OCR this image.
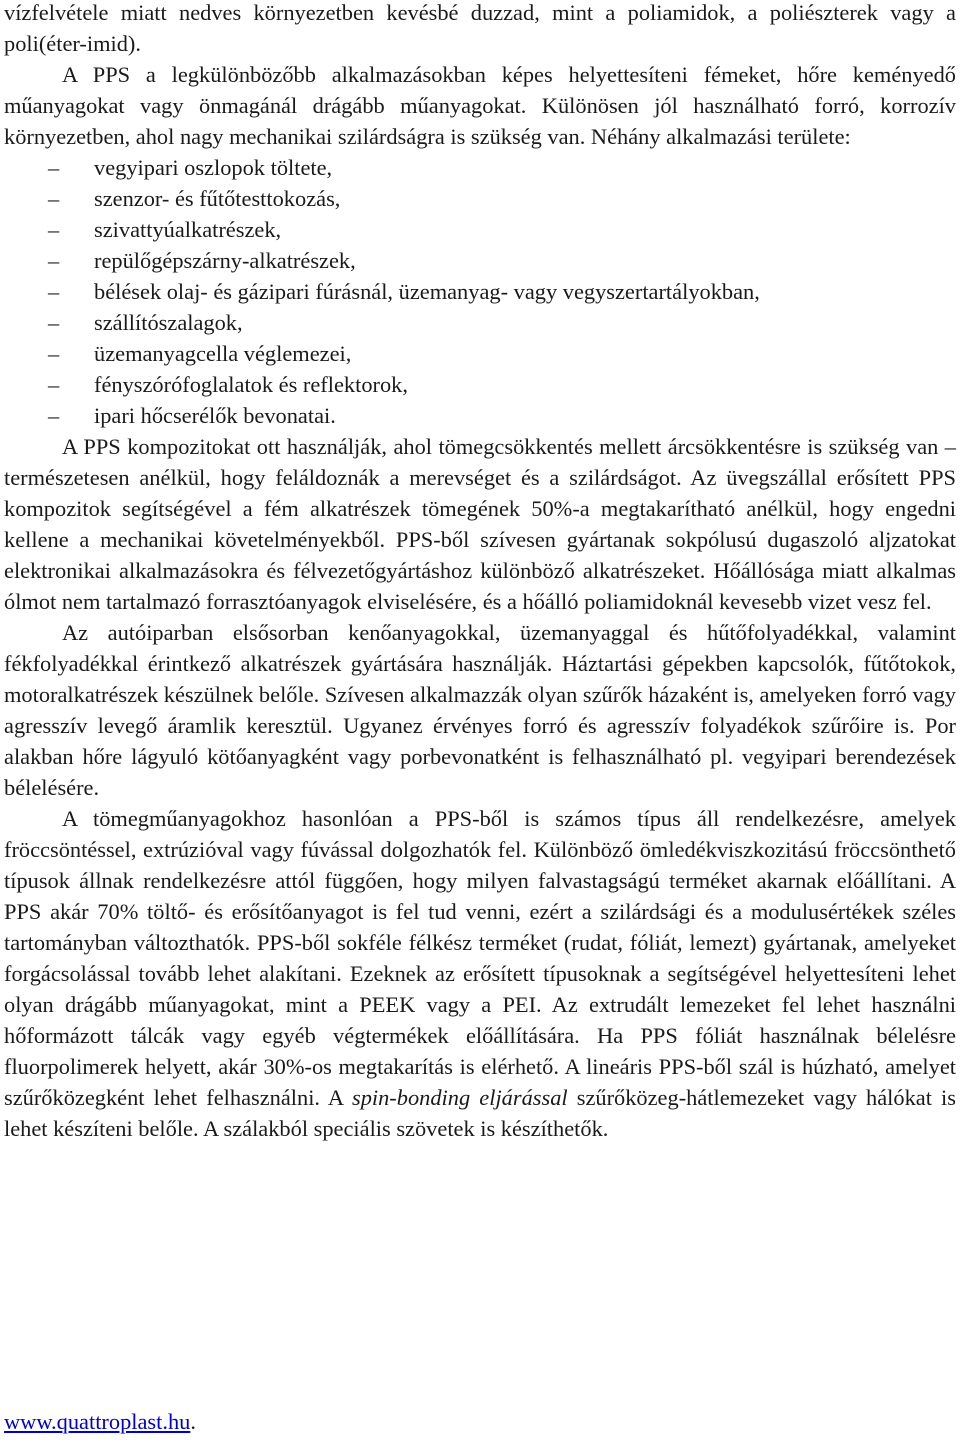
vízfelvétele miatt nedves környezetben kevésbé duzzad, mint a poliamidok, a poliészterek vagy a poli(éter-imid).

A PPS a legkülönbözőbb alkalmazásokban képes helyettesíteni fémeket, hőre keményedő műanyagokat vagy önmagánál drágább műanyagokat. Különösen jól használható forró, korrozív környezetben, ahol nagy mechanikai szilárdságra is szükség van. Néhány alkalmazási területe:

– vegyipari oszlopok töltete,
– szenzor- és fűtőtesttokozás,
– szivattyúalkatrészek,
– repülőgépszárny-alkatrészek,
– bélések olaj- és gázipari fúrásnál, üzemanyag- vagy vegyszertartályokban,
– szállítószalagok,
– üzemanyagcella véglemezei,
– fényszórófoglalatok és reflektorok,
– ipari hőcserélők bevonatai.

A PPS kompozitokat ott használják, ahol tömegcsökkentés mellett árcsökkentésre is szükség van – természetesen anélkül, hogy feláldoznák a merevséget és a szilárdságot. Az üvegszállal erősített PPS kompozitok segítségével a fém alkatrészek tömegének 50%-a megtakarítható anélkül, hogy engedni kellene a mechanikai követelményekből. PPS-ből szívesen gyártanak sokpólusú dugaszoló aljzatokat elektronikai alkalmazásokra és félvezetőgyártáshoz különböző alkatrészeket. Hőállósága miatt alkalmas ólmot nem tartalmazó forrasztóanyagok elviselésére, és a hőálló poliamidoknál kevesebb vizet vesz fel.

Az autóiparban elsősorban kenőanyagokkal, üzemanyaggal és hűtőfolyadékkal, valamint fékfolyadékkal érintkező alkatrészek gyártására használják. Háztartási gépekben kapcsolók, fűtőtokok, motoralkatrészek készülnek belőle. Szívesen alkalmazzák olyan szűrők házaként is, amelyeken forró vagy agresszív levegő áramlik keresztül. Ugyanez érvényes forró és agresszív folyadékok szűrőire is. Por alakban hőre lágyuló kötőanyagként vagy porbevonatként is felhasználható pl. vegyipari berendezések bélelésére.

A tömegműanyagokhoz hasonlóan a PPS-ből is számos típus áll rendelkezésre, amelyek fröccsöntéssel, extrúzióval vagy fúvással dolgozhatók fel. Különböző ömledékviszkozitású fröccsönthető típusok állnak rendelkezésre attól függően, hogy milyen falvastagságú terméket akarnak előállítani. A PPS akár 70% töltő- és erősítőanyagot is fel tud venni, ezért a szilárdsági és a modulusértékek széles tartományban változthatók. PPS-ből sokféle félkész terméket (rudat, fóliát, lemezt) gyártanak, amelyeket forgácsolással tovább lehet alakítani. Ezeknek az erősített típusoknak a segítségével helyettesíteni lehet olyan drágább műanyagokat, mint a PEEK vagy a PEI. Az extrudált lemezeket fel lehet használni hőformázott tálcák vagy egyéb végtermékek előállítására. Ha PPS fóliát használnak bélelésre fluorpolimerek helyett, akár 30%-os megtakarítás is elérhető. A lineáris PPS-ből szál is húzható, amelyet szűrőközegként lehet felhasználni. A spin-bonding eljárással szűrőközeg-hátlemezeket vagy hálókat is lehet készíteni belőle. A szálakból speciális szövetek is készíthetők.

www.quattroplast.hu.
